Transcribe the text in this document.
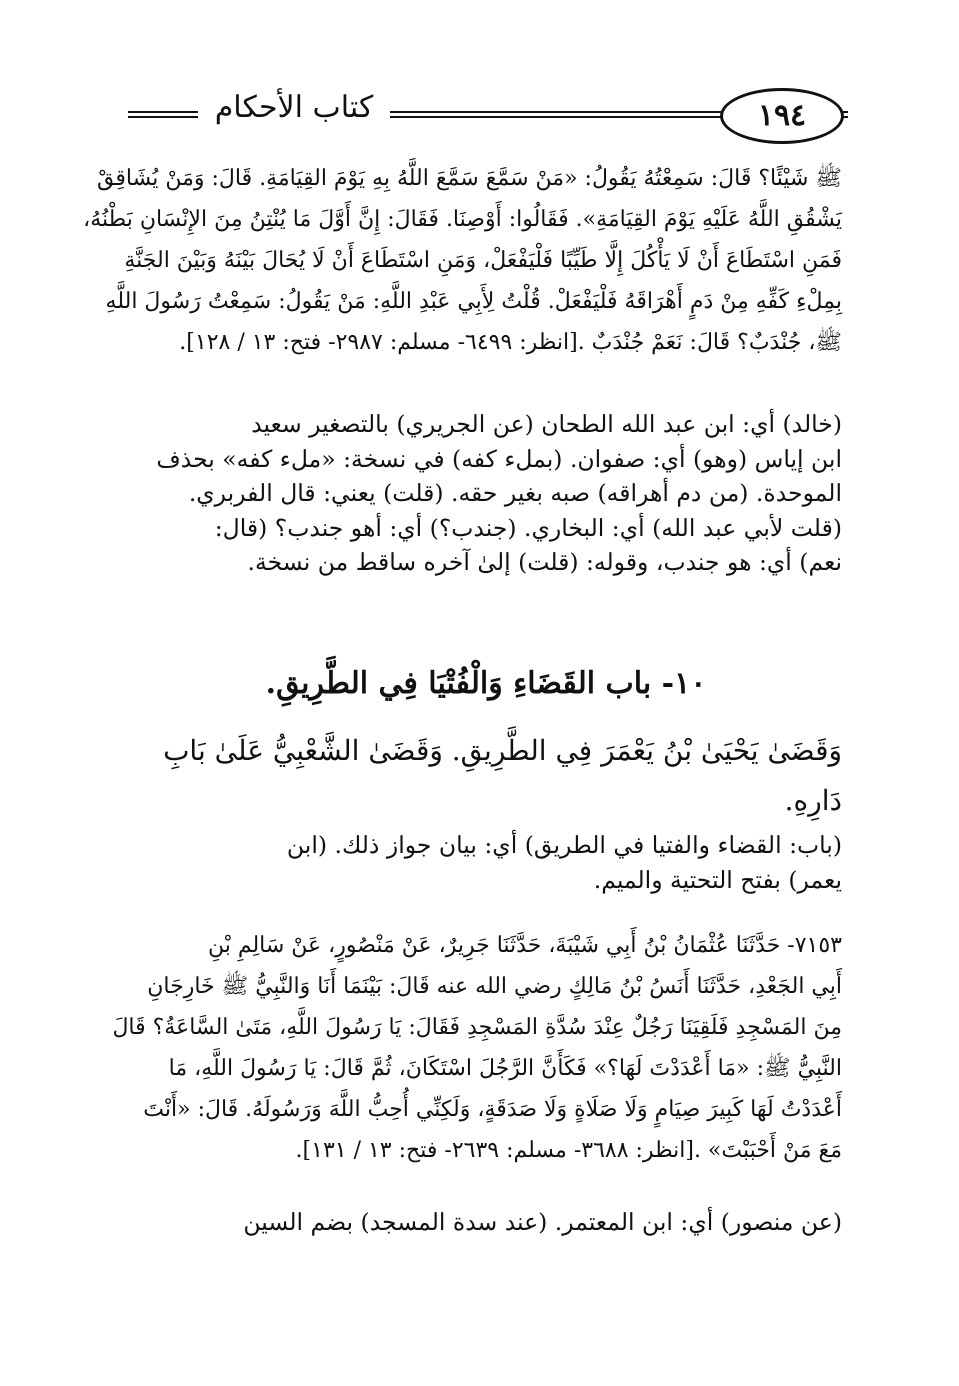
كتاب الأحكام	١٩٤

ﷺ شَيْئًا؟ قَالَ: سَمِعْتُهُ يَقُولُ: «مَنْ سَمَّعَ سَمَّعَ اللَّهُ بِهِ يَوْمَ القِيَامَةِ. قَالَ: وَمَنْ يُشَاقِقْ

يَشْقُقِ اللَّهُ عَلَيْهِ يَوْمَ القِيَامَةِ». فَقَالُوا: أَوْصِنَا. فَقَالَ: إِنَّ أَوَّلَ مَا يُنْتِنُ مِنَ الإِنْسَانِ بَطْنُهُ،

فَمَنِ اسْتَطَاعَ أَنْ لَا يَأْكُلَ إِلَّا طَيِّبًا فَلْيَفْعَلْ، وَمَنِ اسْتَطَاعَ أَنْ لَا يُحَالَ بَيْنَهُ وَبَيْنَ الجَنَّةِ

بِمِلْءِ كَفِّهِ مِنْ دَمٍ أَهْرَاقَهُ فَلْيَفْعَلْ. قُلْتُ لِأَبِي عَبْدِ اللَّهِ: مَنْ يَقُولُ: سَمِعْتُ رَسُولَ اللَّهِ

ﷺ، جُنْدَبٌ؟ قَالَ: نَعَمْ جُنْدَبٌ .[انظر: ٦٤٩٩- مسلم: ٢٩٨٧- فتح: ١٣ / ١٢٨].

(خالد) أي: ابن عبد الله الطحان (عن الجريري) بالتصغير سعيد

ابن إياس (وهو) أي: صفوان. (بملء كفه) في نسخة: «ملء كفه» بحذف

الموحدة. (من دم أهراقه) صبه بغير حقه. (قلت) يعني: قال الفربري.

(قلت لأبي عبد الله) أي: البخاري. (جندب؟) أي: أهو جندب؟ (قال:

نعم) أي: هو جندب، وقوله: (قلت) إلىٰ آخره ساقط من نسخة.

١٠- باب القَضَاءِ وَالْفُتْيَا فِي الطَّرِيقِ.

وَقَضَىٰ يَحْيَىٰ بْنُ يَعْمَرَ فِي الطَّرِيقِ. وَقَضَىٰ الشَّعْبِيُّ عَلَىٰ بَابِ

دَارِهِ.

(باب: القضاء والفتيا في الطريق) أي: بيان جواز ذلك. (ابن

يعمر) بفتح التحتية والميم.

٧١٥٣- حَدَّثَنَا عُثْمَانُ بْنُ أَبِي شَيْبَةَ، حَدَّثَنَا جَرِيرٌ، عَنْ مَنْصُورٍ، عَنْ سَالِمِ بْنِ

أَبِي الجَعْدِ، حَدَّثَنَا أَنَسُ بْنُ مَالِكٍ رضي الله عنه قَالَ: بَيْنَمَا أَنَا وَالنَّبِيُّ ﷺ خَارِجَانِ

مِنَ المَسْجِدِ فَلَقِيَنَا رَجُلٌ عِنْدَ سُدَّةِ المَسْجِدِ فَقَالَ: يَا رَسُولَ اللَّهِ، مَتَىٰ السَّاعَةُ؟ قَالَ

النَّبِيُّ ﷺ: «مَا أَعْدَدْتَ لَهَا؟» فَكَأَنَّ الرَّجُلَ اسْتَكَانَ، ثُمَّ قَالَ: يَا رَسُولَ اللَّهِ، مَا

أَعْدَدْتُ لَهَا كَبِيرَ صِيَامٍ وَلَا صَلَاةٍ وَلَا صَدَقَةٍ، وَلَكِنِّي أُحِبُّ اللَّهَ وَرَسُولَهُ. قَالَ: «أَنْتَ

مَعَ مَنْ أَحْبَبْتَ» .[انظر: ٣٦٨٨- مسلم: ٢٦٣٩- فتح: ١٣ / ١٣١].

(عن منصور) أي: ابن المعتمر. (عند سدة المسجد) بضم السين
